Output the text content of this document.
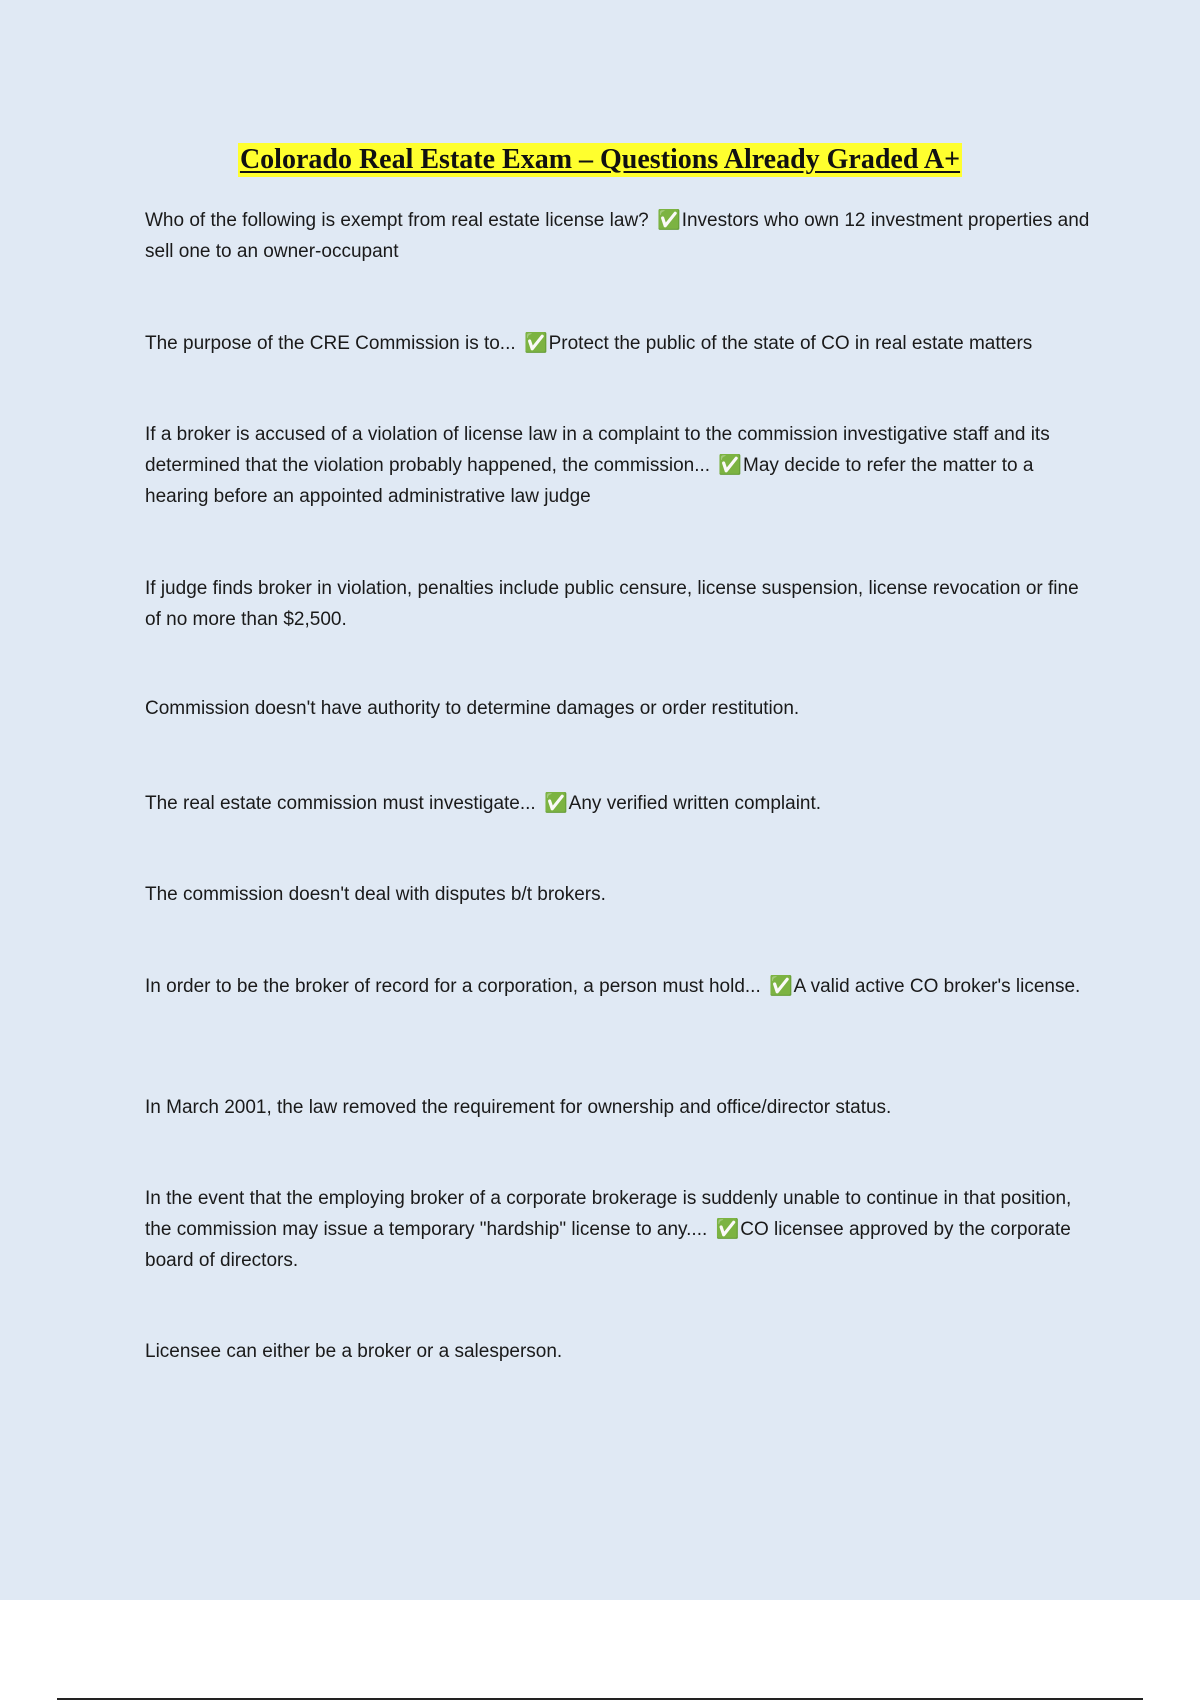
Colorado Real Estate Exam – Questions Already Graded A+

Who of the following is exempt from real estate license law? ✅Investors who own 12 investment properties and sell one to an owner-occupant

The purpose of the CRE Commission is to... ✅Protect the public of the state of CO in real estate matters

If a broker is accused of a violation of license law in a complaint to the commission investigative staff and its determined that the violation probably happened, the commission... ✅May decide to refer the matter to a hearing before an appointed administrative law judge

If judge finds broker in violation, penalties include public censure, license suspension, license revocation or fine of no more than $2,500.

Commission doesn't have authority to determine damages or order restitution.

The real estate commission must investigate... ✅Any verified written complaint.

The commission doesn't deal with disputes b/t brokers.

In order to be the broker of record for a corporation, a person must hold... ✅A valid active CO broker's license.

In March 2001, the law removed the requirement for ownership and office/director status.

In the event that the employing broker of a corporate brokerage is suddenly unable to continue in that position, the commission may issue a temporary "hardship" license to any.... ✅CO licensee approved by the corporate board of directors.

Licensee can either be a broker or a salesperson.
